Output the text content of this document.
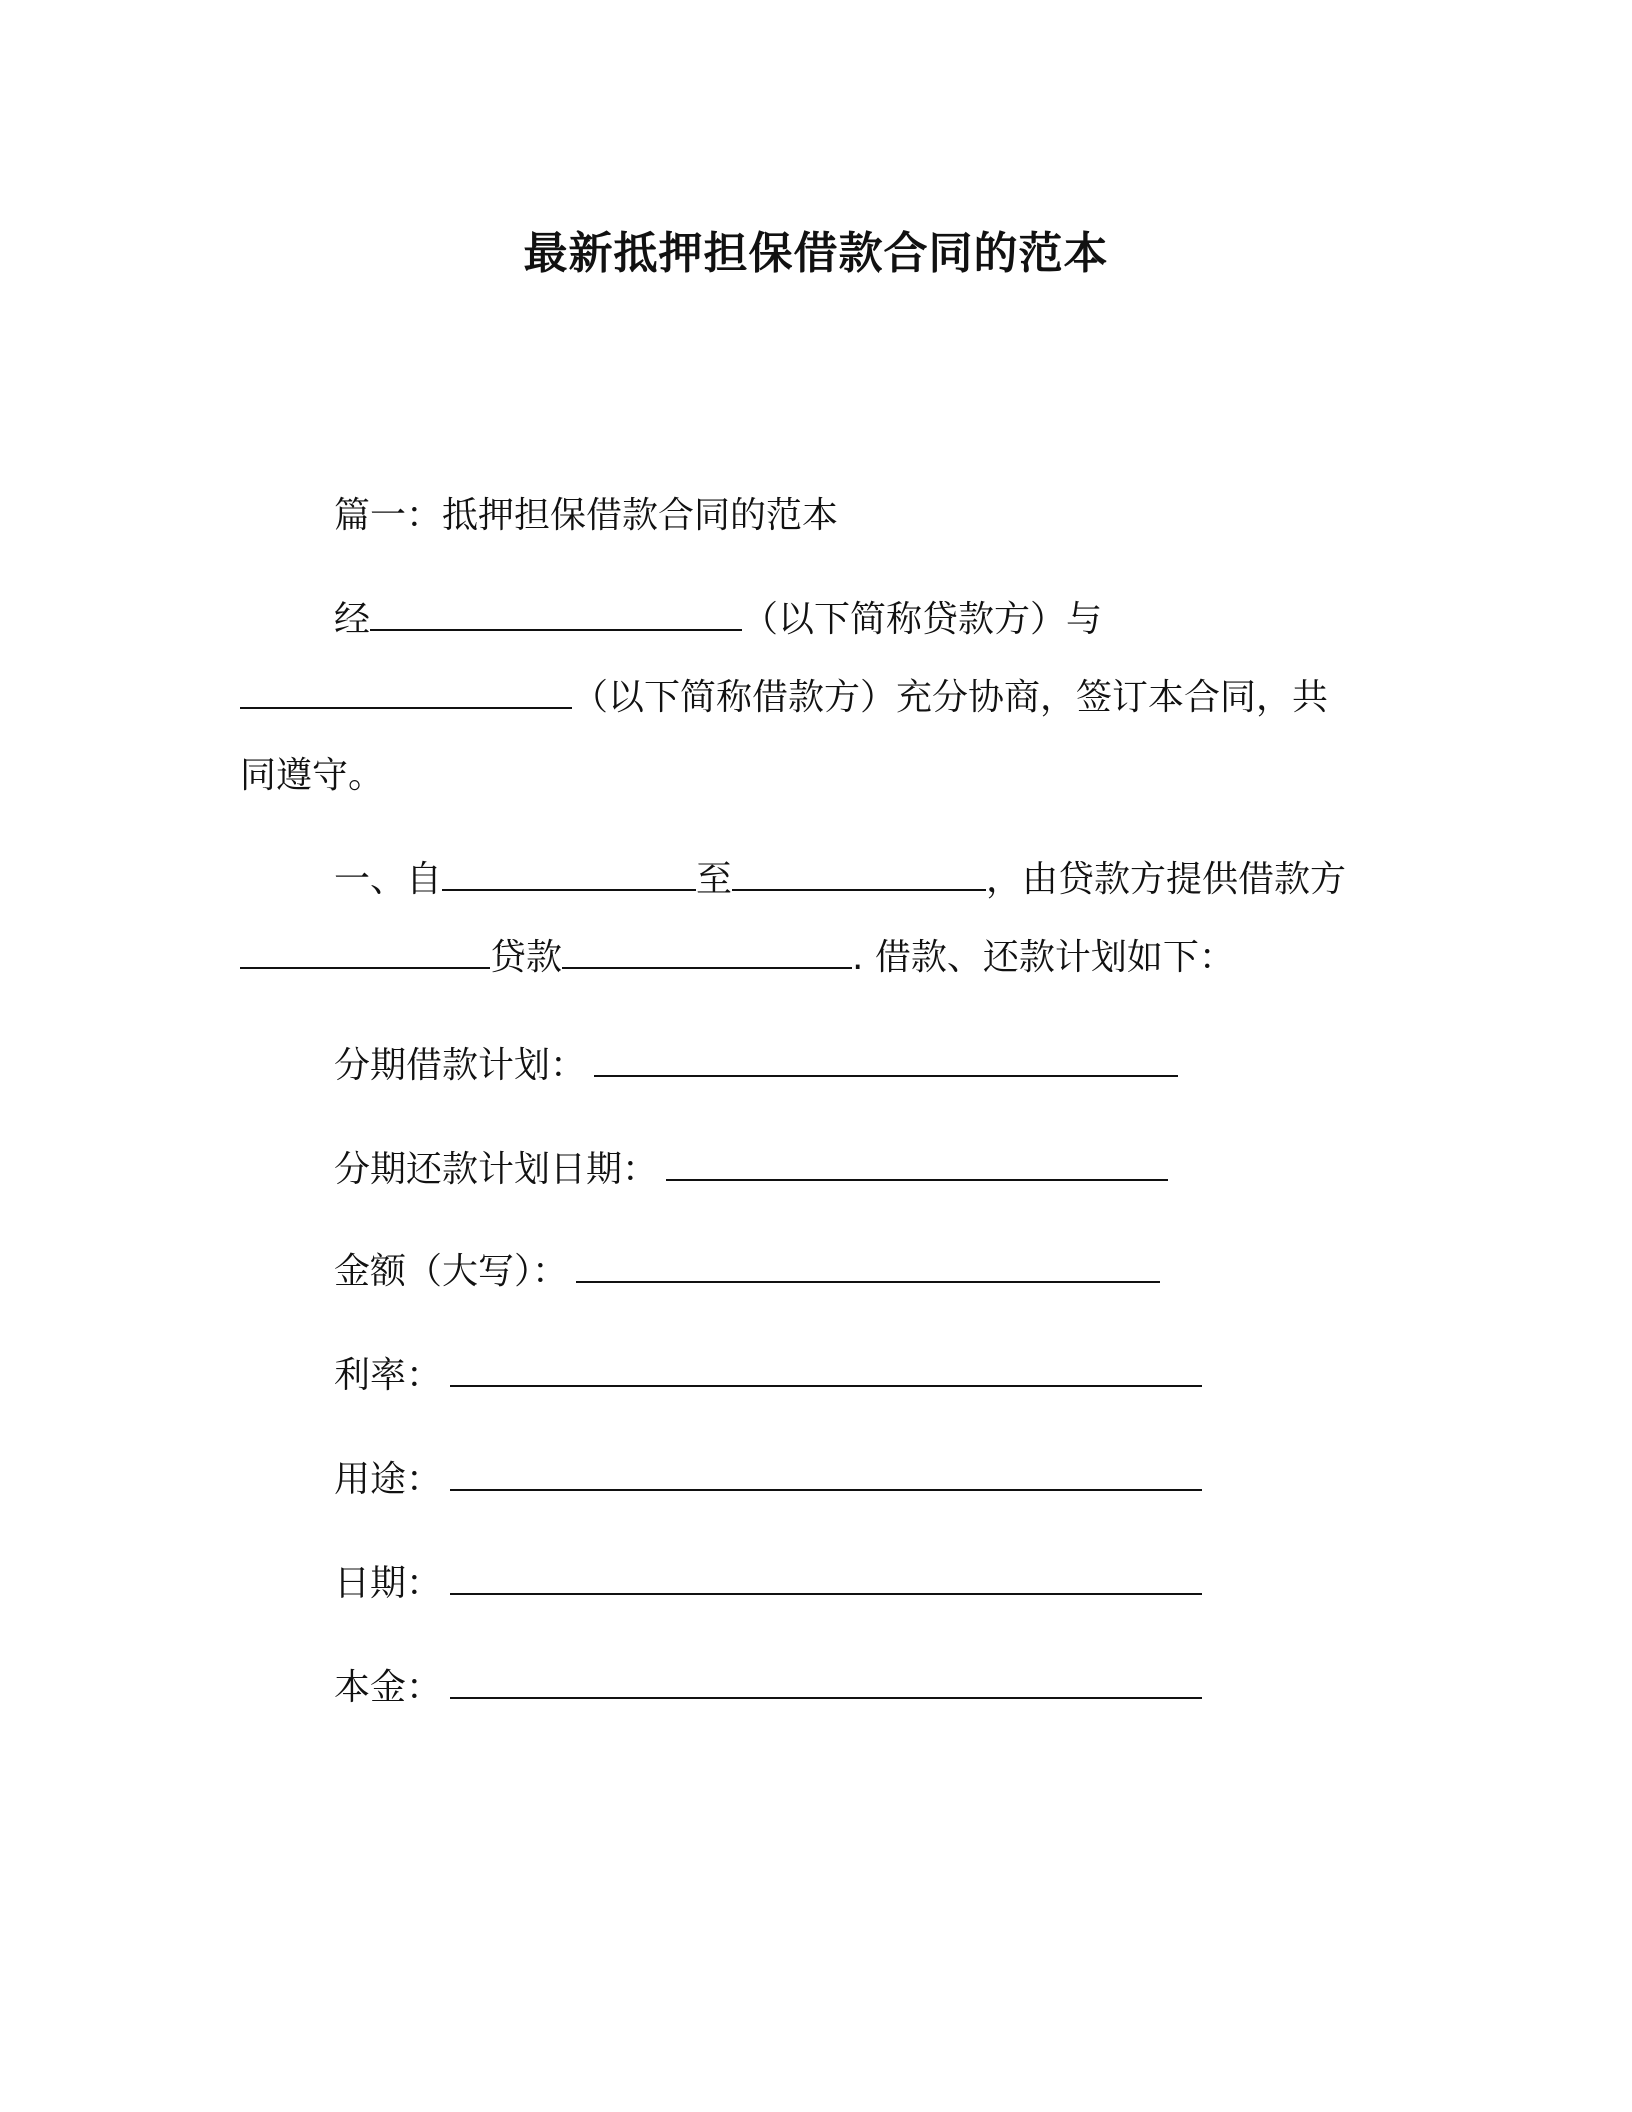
最新抵押担保借款合同的范本
篇一：抵押担保借款合同的范本
经	（以下简称贷款方）与
（以下简称借款方）充分协商，签订本合同，共
同遵守。
一、自	至	，由贷款方提供借款方
贷款	. 借款、还款计划如下：
分期借款计划：
分期还款计划日期：
金额（大写）：
利率：
用途：
日期：
本金：
